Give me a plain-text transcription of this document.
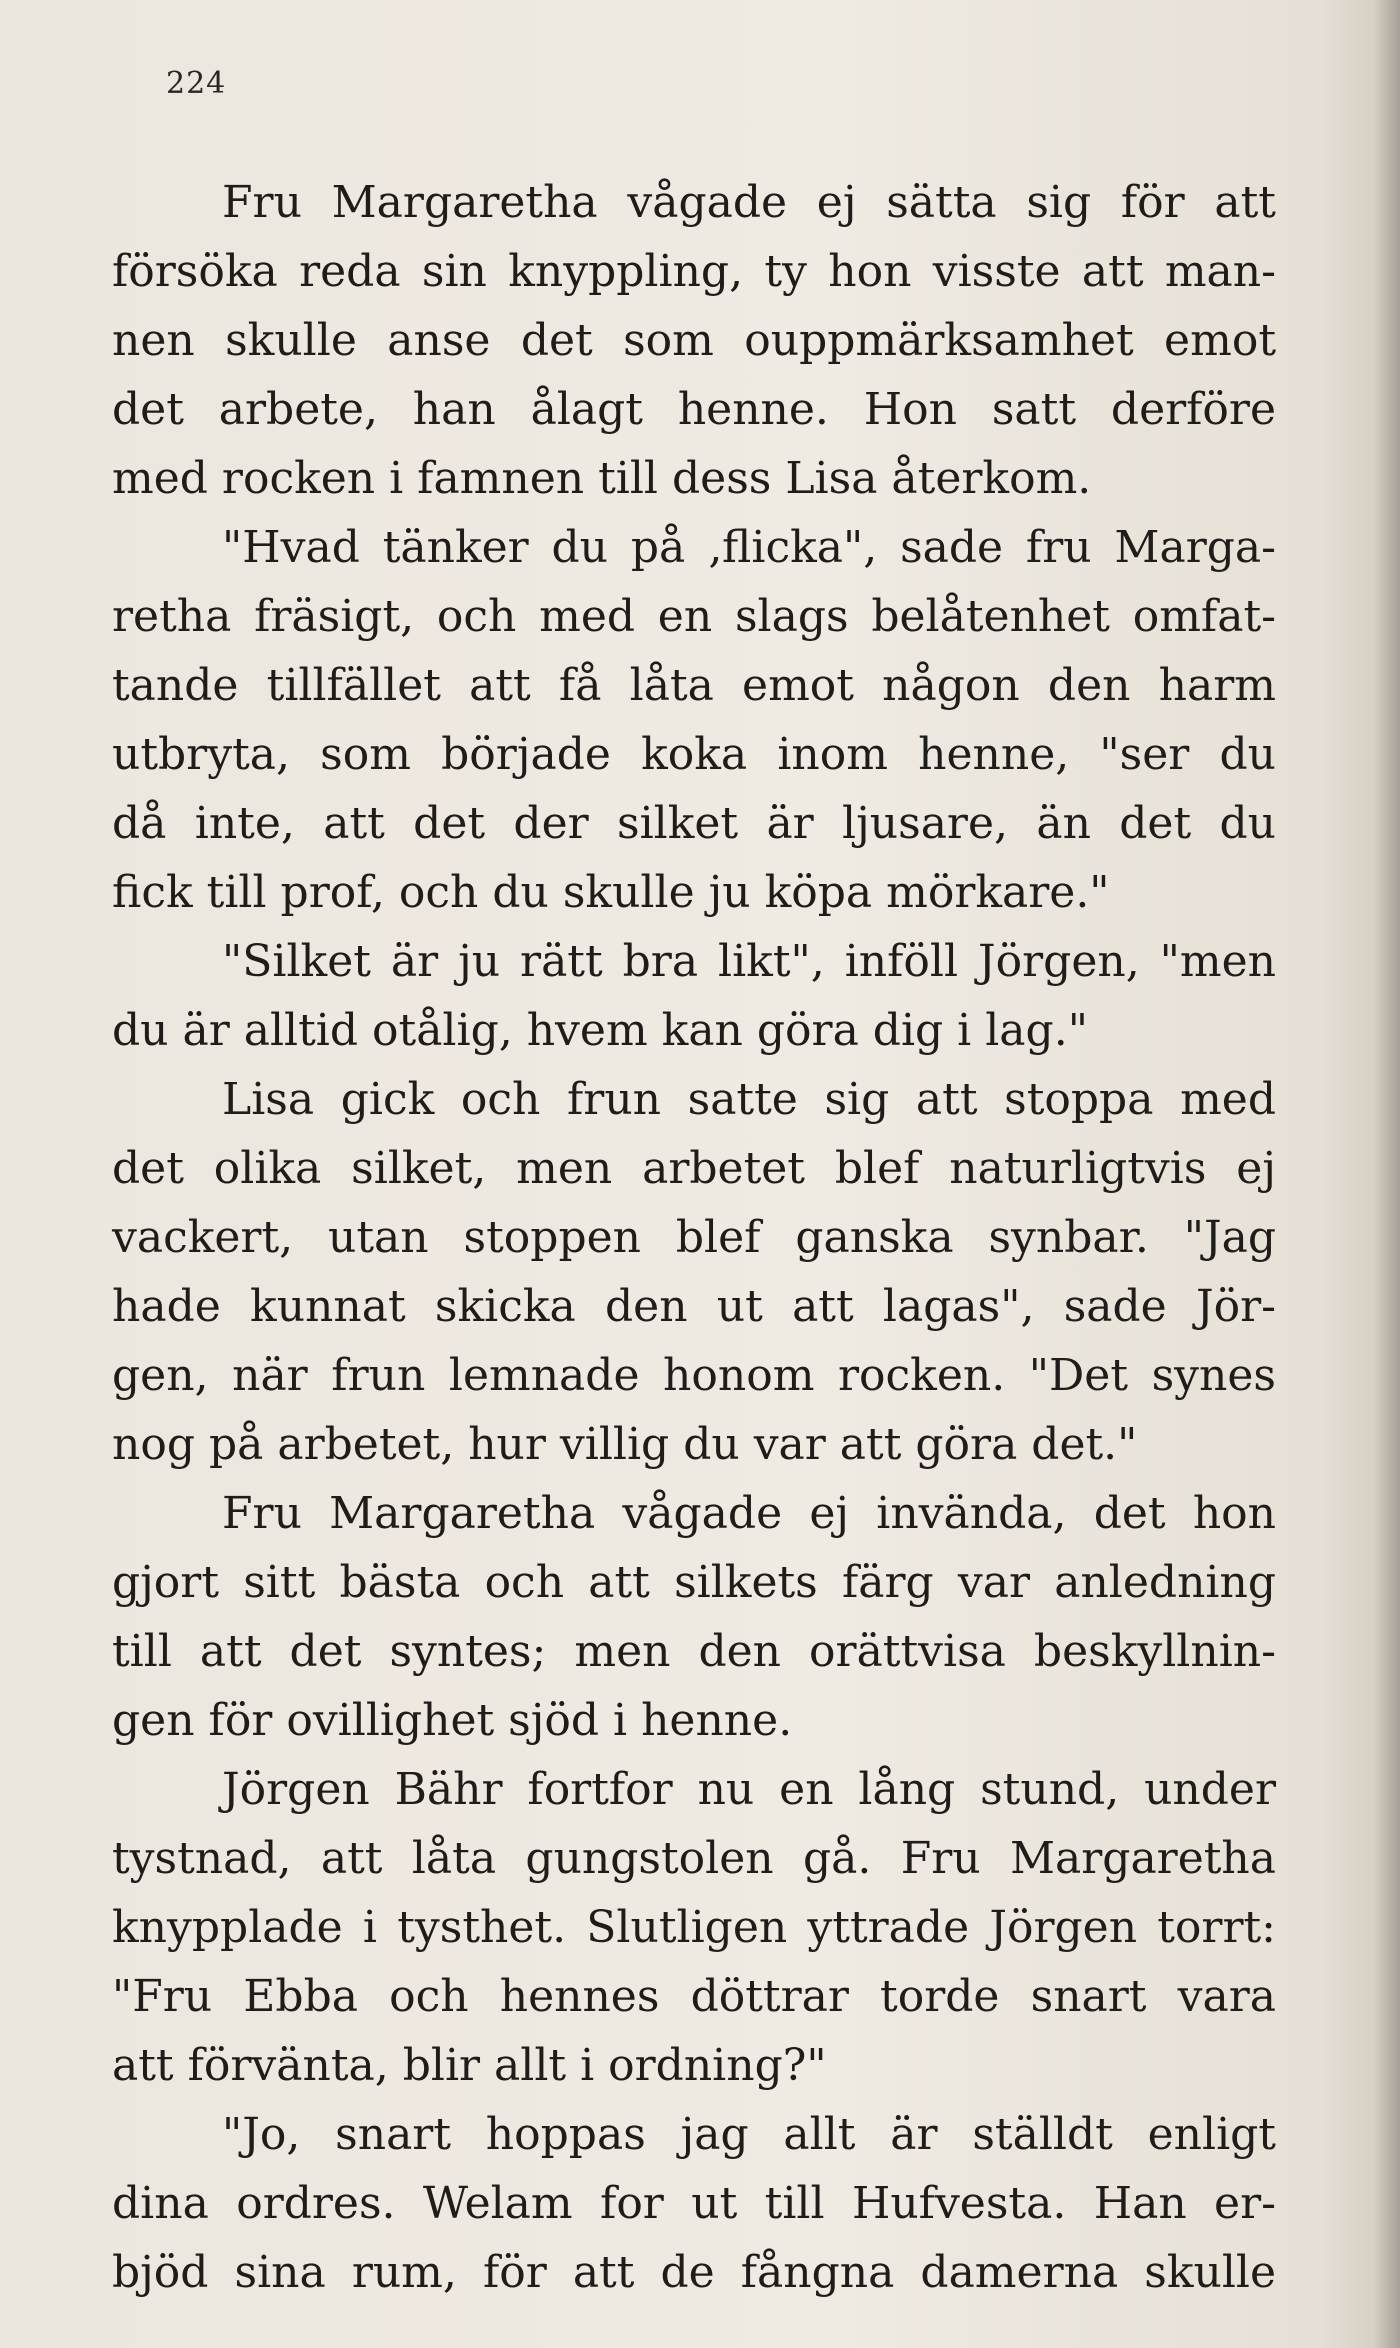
224
Fru Margaretha vågade ej sätta sig för att
försöka reda sin knyppling, ty hon visste att man-
nen skulle anse det som ouppmärksamhet emot
det arbete, han ålagt henne. Hon satt derföre
med rocken i famnen till dess Lisa återkom.
"Hvad tänker du på ‚flicka", sade fru Marga-
retha fräsigt, och med en slags belåtenhet omfat-
tande tillfället att få låta emot någon den harm
utbryta, som började koka inom henne, "ser du
då inte, att det der silket är ljusare, än det du
fick till prof, och du skulle ju köpa mörkare."
"Silket är ju rätt bra likt", inföll Jörgen, "men
du är alltid otålig, hvem kan göra dig i lag."
Lisa gick och frun satte sig att stoppa med
det olika silket, men arbetet blef naturligtvis ej
vackert, utan stoppen blef ganska synbar. "Jag
hade kunnat skicka den ut att lagas", sade Jör-
gen, när frun lemnade honom rocken. "Det synes
nog på arbetet, hur villig du var att göra det."
Fru Margaretha vågade ej invända, det hon
gjort sitt bästa och att silkets färg var anledning
till att det syntes; men den orättvisa beskyllnin-
gen för ovillighet sjöd i henne.
Jörgen Bähr fortfor nu en lång stund, under
tystnad, att låta gungstolen gå. Fru Margaretha
knypplade i tysthet. Slutligen yttrade Jörgen torrt:
"Fru Ebba och hennes döttrar torde snart vara
att förvänta, blir allt i ordning?"
"Jo, snart hoppas jag allt är ställdt enligt
dina ordres. Welam for ut till Hufvesta. Han er-
bjöd sina rum, för att de fångna damerna skulle
